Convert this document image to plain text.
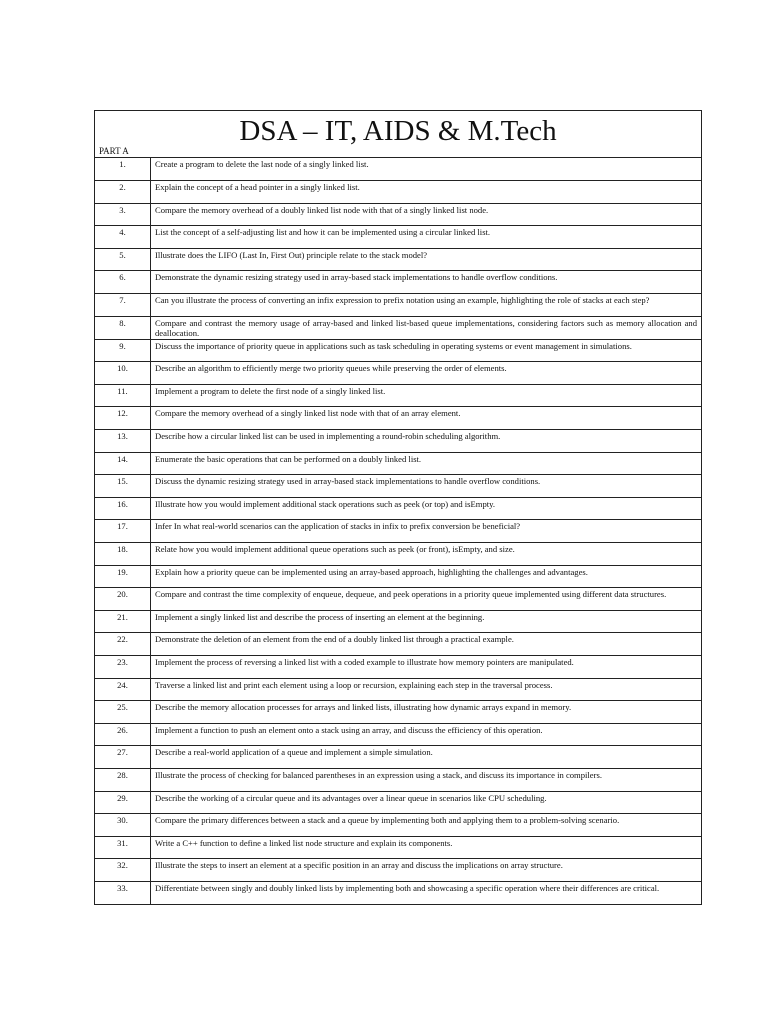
DSA – IT, AIDS & M.Tech
PART A
1.	Create a program to delete the last node of a singly linked list.
2.	Explain the concept of a head pointer in a singly linked list.
3.	Compare the memory overhead of a doubly linked list node with that of a singly linked list node.
4.	List the concept of a self-adjusting list and how it can be implemented using a circular linked list.
5.	Illustrate does the LIFO (Last In, First Out) principle relate to the stack model?
6.	Demonstrate the dynamic resizing strategy used in array-based stack implementations to handle overflow conditions.
7.	Can you illustrate the process of converting an infix expression to prefix notation using an example, highlighting the role of stacks at each step?
8.	Compare and contrast the memory usage of array-based and linked list-based queue implementations, considering factors such as memory allocation and deallocation.
9.	Discuss the importance of priority queue in applications such as task scheduling in operating systems or event management in simulations.
10.	Describe an algorithm to efficiently merge two priority queues while preserving the order of elements.
11.	Implement a program to delete the first node of a singly linked list.
12.	Compare the memory overhead of a singly linked list node with that of an array element.
13.	Describe how a circular linked list can be used in implementing a round-robin scheduling algorithm.
14.	Enumerate the basic operations that can be performed on a doubly linked list.
15.	Discuss the dynamic resizing strategy used in array-based stack implementations to handle overflow conditions.
16.	Illustrate how you would implement additional stack operations such as peek (or top) and isEmpty.
17.	Infer In what real-world scenarios can the application of stacks in infix to prefix conversion be beneficial?
18.	Relate how you would implement additional queue operations such as peek (or front), isEmpty, and size.
19.	Explain how a priority queue can be implemented using an array-based approach, highlighting the challenges and advantages.
20.	Compare and contrast the time complexity of enqueue, dequeue, and peek operations in a priority queue implemented using different data structures.
21.	Implement a singly linked list and describe the process of inserting an element at the beginning.
22.	Demonstrate the deletion of an element from the end of a doubly linked list through a practical example.
23.	Implement the process of reversing a linked list with a coded example to illustrate how memory pointers are manipulated.
24.	Traverse a linked list and print each element using a loop or recursion, explaining each step in the traversal process.
25.	Describe the memory allocation processes for arrays and linked lists, illustrating how dynamic arrays expand in memory.
26.	Implement a function to push an element onto a stack using an array, and discuss the efficiency of this operation.
27.	Describe a real-world application of a queue and implement a simple simulation.
28.	Illustrate the process of checking for balanced parentheses in an expression using a stack, and discuss its importance in compilers.
29.	Describe the working of a circular queue and its advantages over a linear queue in scenarios like CPU scheduling.
30.	Compare the primary differences between a stack and a queue by implementing both and applying them to a problem-solving scenario.
31.	Write a C++ function to define a linked list node structure and explain its components.
32.	Illustrate the steps to insert an element at a specific position in an array and discuss the implications on array structure.
33.	Differentiate between singly and doubly linked lists by implementing both and showcasing a specific operation where their differences are critical.
